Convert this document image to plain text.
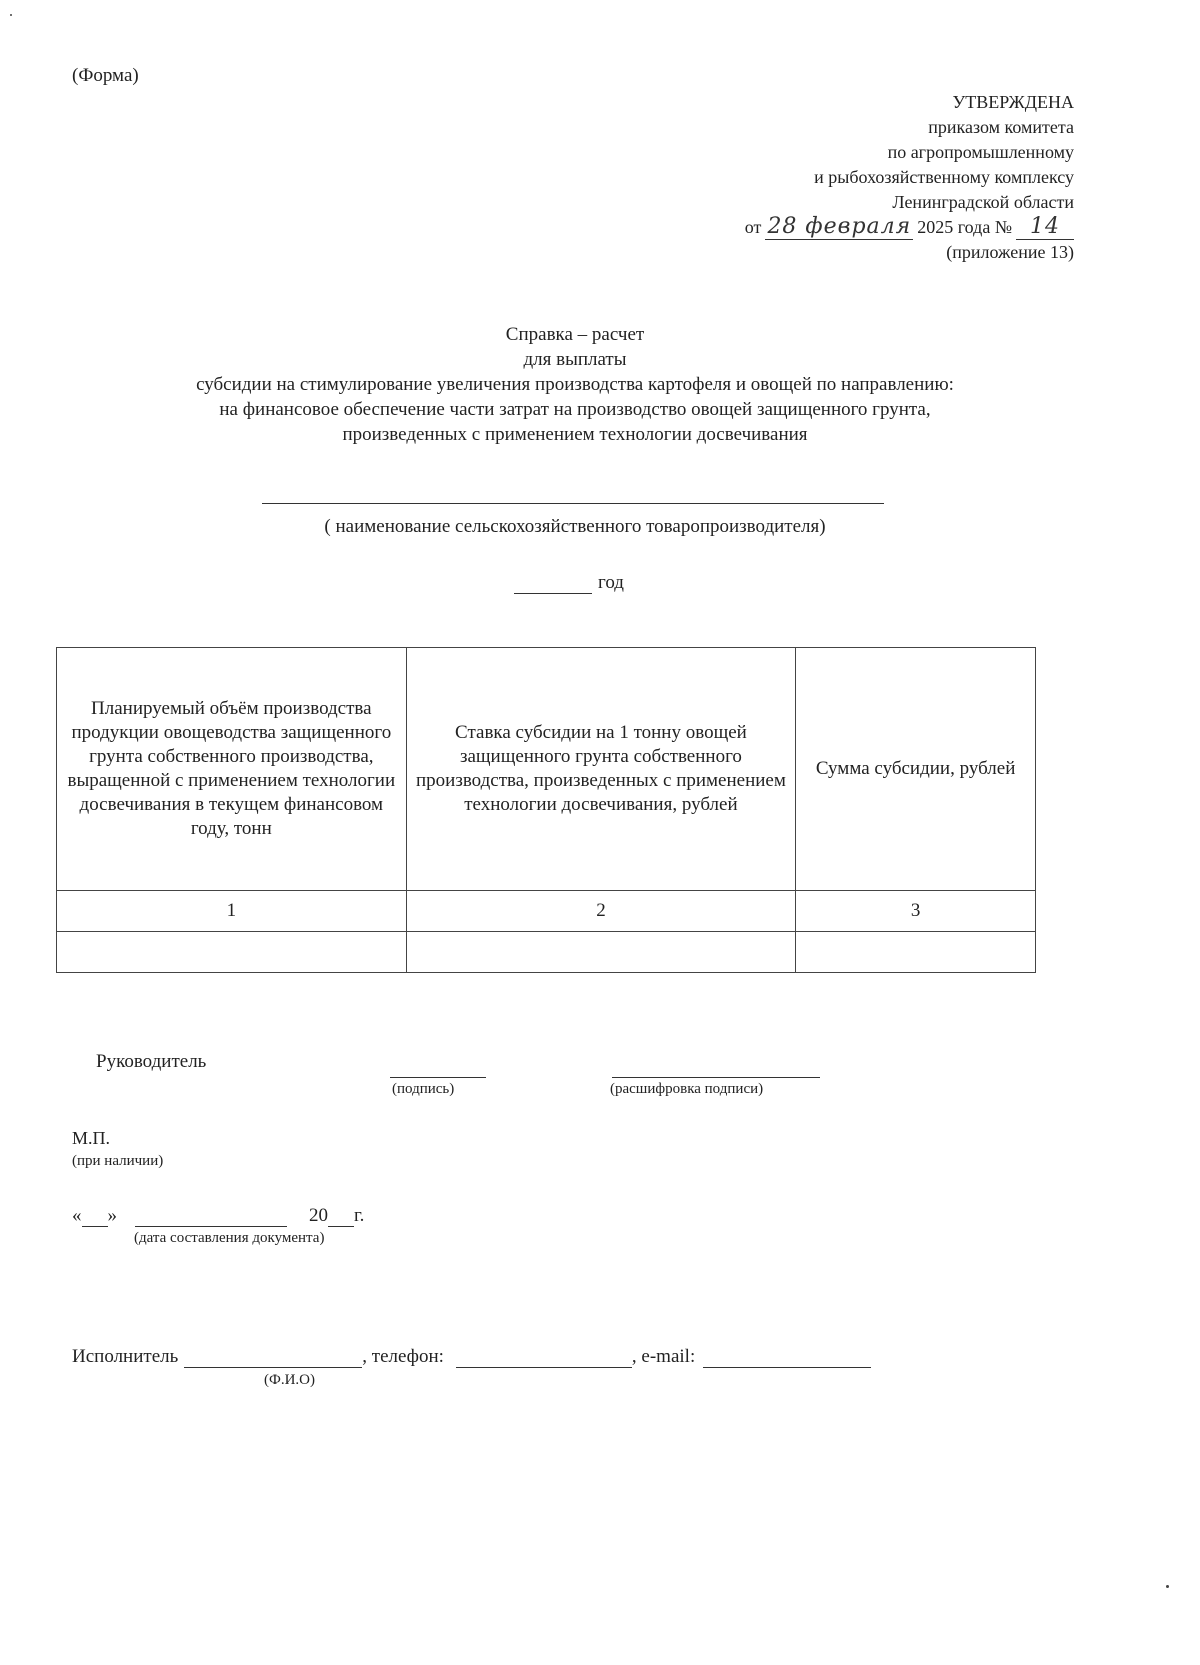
(Форма)
УТВЕРЖДЕНА
приказом комитета
по агропромышленному
и рыбохозяйственному комплексу
Ленинградской области
от 28 февраля 2025 года № 14
(приложение 13)
Справка – расчет
для выплаты
субсидии на стимулирование увеличения производства картофеля и овощей по направлению:
на финансовое обеспечение части затрат на производство овощей защищенного грунта,
произведенных с применением технологии досвечивания
( наименование сельскохозяйственного товаропроизводителя)
год
Планируемый объём производства продукции овощеводства защищенного грунта собственного производства, выращенной с применением технологии досвечивания в текущем финансовом году, тонн	Ставка субсидии на 1 тонну овощей защищенного грунта собственного производства, произведенных с применением технологии досвечивания, рублей	Сумма субсидии, рублей
1	2	3

Руководитель
(подпись)	(расшифровка подписи)
М.П.
(при наличии)
« »	20 г.
(дата составления документа)
Исполнитель	, телефон:	, e-mail:
(Ф.И.О)
